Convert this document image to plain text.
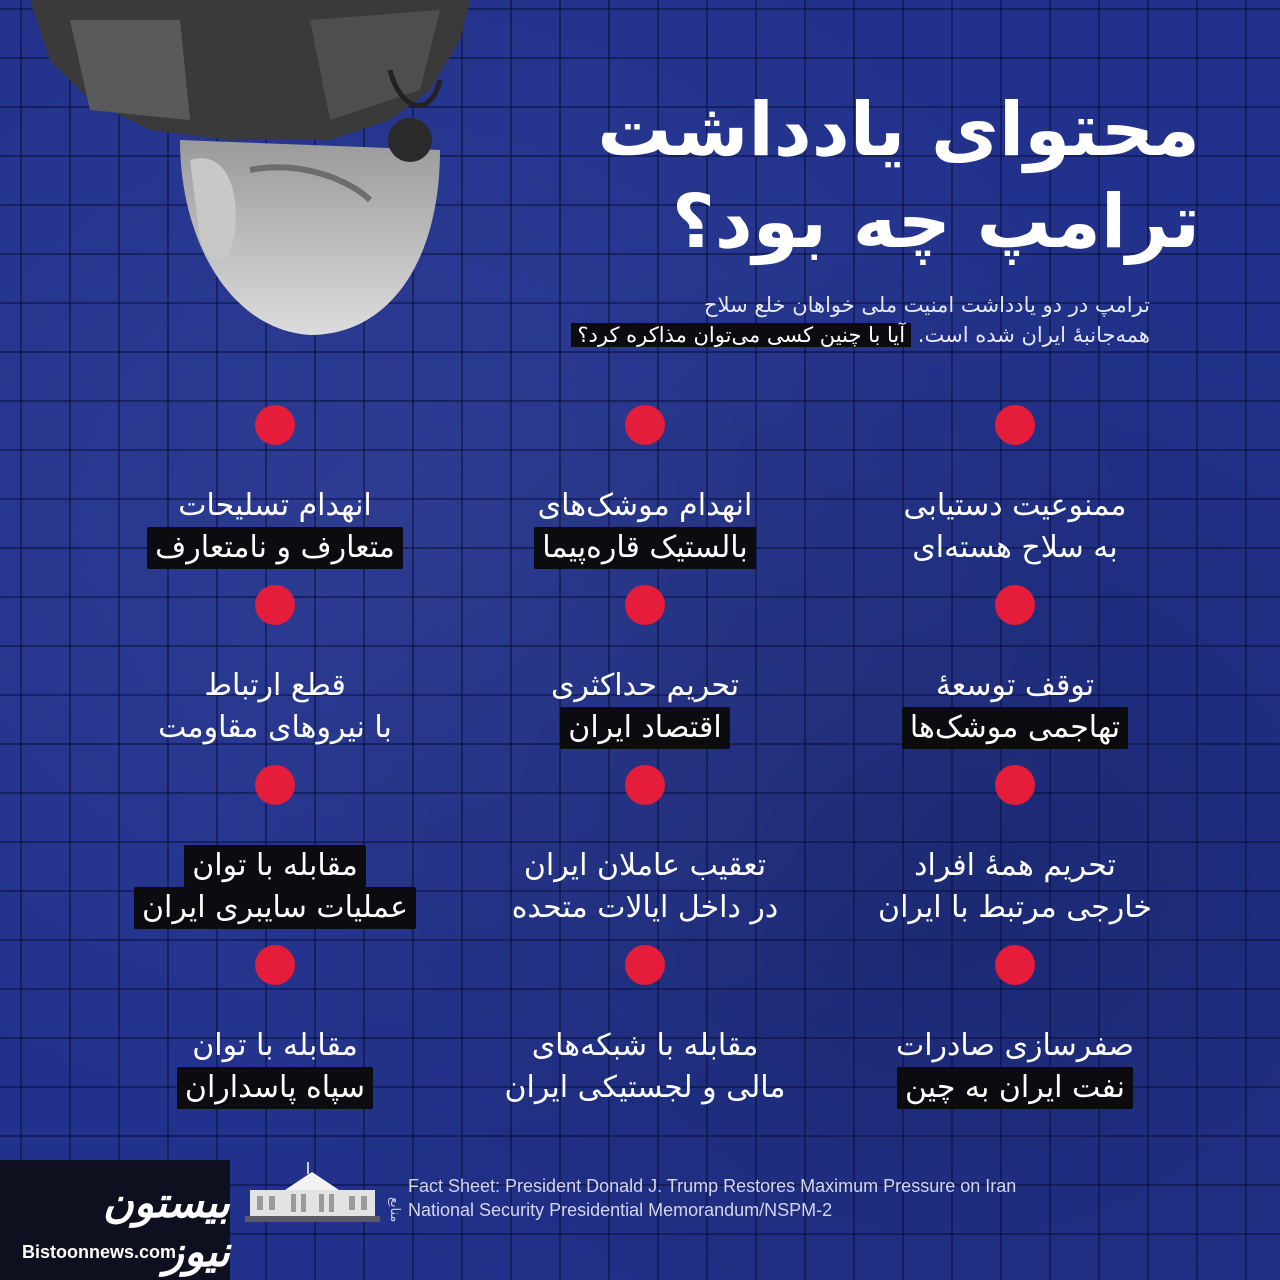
محتوای یادداشت
ترامپ چه بود؟
ترامپ در دو یادداشت امنیت ملی خواهان خلع سلاح
همه‌جانبهٔ ایران شده است. آیا با چنین کسی می‌توان مذاکره کرد؟
ممنوعیت دستیابی
به سلاح هسته‌ای
انهدام موشک‌های
بالستیک قاره‌پیما
انهدام تسلیحات
متعارف و نامتعارف
توقف توسعهٔ
تهاجمی موشک‌ها
تحریم حداکثری
اقتصاد ایران
قطع ارتباط
با نیروهای مقاومت
تحریم همهٔ افراد
خارجی مرتبط با ایران
تعقیب عاملان ایران
در داخل ایالات متحده
مقابله با توان
عملیات سایبری ایران
صفرسازی صادرات
نفت ایران به چین
مقابله با شبکه‌های
مالی و لجستیکی ایران
مقابله با توان
سپاه پاسداران
بیستون نیوز
Bistoonnews.com
منابع
Fact Sheet: President Donald J. Trump Restores Maximum Pressure on Iran
National Security Presidential Memorandum/NSPM-2
